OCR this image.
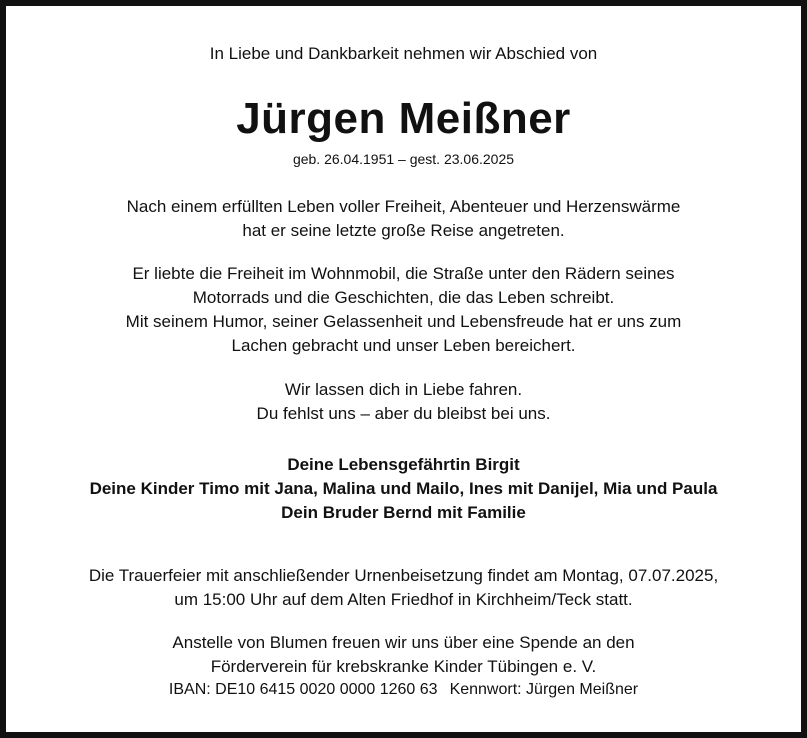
In Liebe und Dankbarkeit nehmen wir Abschied von
Jürgen Meißner
geb. 26.04.1951 – gest. 23.06.2025
Nach einem erfüllten Leben voller Freiheit, Abenteuer und Herzenswärme
hat er seine letzte große Reise angetreten.
Er liebte die Freiheit im Wohnmobil, die Straße unter den Rädern seines
Motorrads und die Geschichten, die das Leben schreibt.
Mit seinem Humor, seiner Gelassenheit und Lebensfreude hat er uns zum
Lachen gebracht und unser Leben bereichert.
Wir lassen dich in Liebe fahren.
Du fehlst uns – aber du bleibst bei uns.
Deine Lebensgefährtin Birgit
Deine Kinder Timo mit Jana, Malina und Mailo, Ines mit Danijel, Mia und Paula
Dein Bruder Bernd mit Familie
Die Trauerfeier mit anschließender Urnenbeisetzung findet am Montag, 07.07.2025,
um 15:00 Uhr auf dem Alten Friedhof in Kirchheim/Teck statt.
Anstelle von Blumen freuen wir uns über eine Spende an den
Förderverein für krebskranke Kinder Tübingen e. V.
IBAN: DE10 6415 0020 0000 1260 63 Kennwort: Jürgen Meißner
